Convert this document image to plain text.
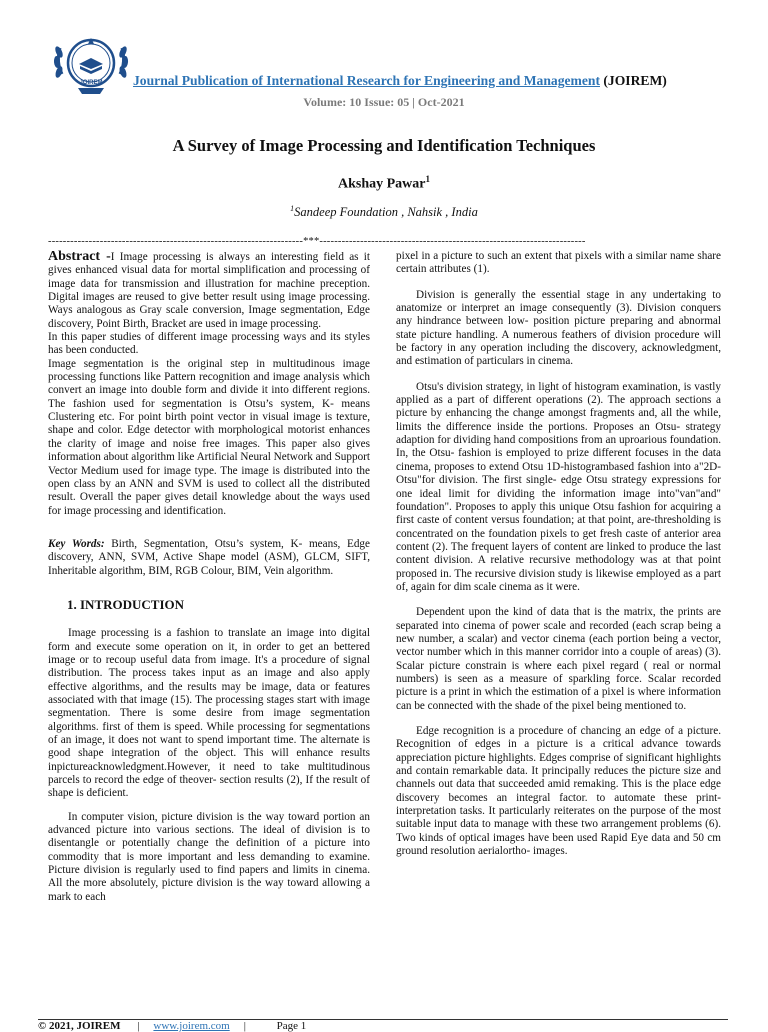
JOIREM Journal Publication of International Research for Engineering and Management (JOIREM)
Volume: 10 Issue: 05 | Oct-2021
A Survey of Image Processing and Identification Techniques
Akshay Pawar$^1$
$^1$Sandeep Foundation , Nahsik , India
---------------------------------------------------------------------***------------------------------------------------------------------------

Abstract -I Image processing is always an interesting field as it gives enhanced visual data for mortal simplification and processing of image data for transmission and illustration for machine preception. Digital images are reused to give better result using image processing. Ways analogous as Gray scale conversion, Image segmentation, Edge discovery, Point Birth, Bracket are used in image processing.

In this paper studies of different image processing ways and its styles has been conducted.

Image segmentation is the original step in multitudinous image processing functions like Pattern recognition and image analysis which convert an image into double form and divide it into different regions. The fashion used for segmentation is Otsu’s system, K- means Clustering etc. For point birth point vector in visual image is texture, shape and color. Edge detector with morphological motorist enhances the clarity of image and noise free images. This paper also gives information about algorithm like Artificial Neural Network and Support Vector Medium used for image type. The image is distributed into the open class by an ANN and SVM is used to collect all the distributed result. Overall the paper gives detail knowledge about the ways used for image processing and identification.

Key Words: Birth, Segmentation, Otsu’s system, K- means, Edge discovery, ANN, SVM, Active Shape model (ASM), GLCM, SIFT, Inheritable algorithm, BIM, RGB Colour, BIM, Vein algorithm.

1. INTRODUCTION

Image processing is a fashion to translate an image into digital form and execute some operation on it, in order to get an bettered image or to recoup useful data from image. It's a procedure of signal distribution. The process takes input as an image and also apply effective algorithms, and the results may be image, data or features associated with that image (15). The processing stages start with image segmentation. There is some desire from image segmentation algorithms. first of them is speed. While processing for segmentations of an image, it does not want to spend important time. The alternate is good shape integration of the object. This will enhance results inpictureacknowledgment.However, it need to take multitudinous parcels to record the edge of theover- section results (2), If the result of shape is deficient.

In computer vision, picture division is the way toward portion an advanced picture into various sections. The ideal of division is to disentangle or potentially change the definition of a picture into commodity that is more important and less demanding to examine. Picture division is regularly used to find papers and limits in cinema. All the more absolutely, picture division is the way toward allowing a mark to each

pixel in a picture to such an extent that pixels with a similar name share certain attributes (1).

Division is generally the essential stage in any undertaking to anatomize or interpret an image consequently (3). Division conquers any hindrance between low- position picture preparing and abnormal state picture handling. A numerous feathers of division procedure will be factory in any operation including the discovery, acknowledgment, and estimation of particulars in cinema.

Otsu's division strategy, in light of histogram examination, is vastly applied as a part of different operations (2). The approach sections a picture by enhancing the change amongst fragments and, all the while, limits the difference inside the portions. Proposes an Otsu- strategy adaption for dividing hand compositions from an uproarious foundation. In, the Otsu- fashion is employed to prize different focuses in the data cinema, proposes to extend Otsu 1D-histogrambased fashion into a"2D-Otsu"for division. The first single- edge Otsu strategy expressions for one ideal limit for dividing the information image into"van"and" foundation". Proposes to apply this unique Otsu fashion for acquiring a first caste of content versus foundation; at that point, are-thresholding is concentrated on the foundation pixels to get fresh caste of anterior area content (2). The frequent layers of content are linked to produce the last content division. A relative recursive methodology was at that point proposed in. The recursive division study is likewise employed as a part of, again for dim scale cinema as it were.

Dependent upon the kind of data that is the matrix, the prints are separated into cinema of power scale and recorded (each scrap being a new number, a scalar) and vector cinema (each portion being a vector, vector number which in this manner corridor into a couple of areas) (3). Scalar picture constrain is where each pixel regard ( real or normal numbers) is seen as a measure of sparkling force. Scalar recorded picture is a print in which the estimation of a pixel is where information can be connected with the shade of the pixel being mentioned to.

Edge recognition is a procedure of chancing an edge of a picture. Recognition of edges in a picture is a critical advance towards appreciation picture highlights. Edges comprise of significant highlights and contain remarkable data. It principally reduces the picture size and channels out data that succeeded amid remaking. This is the place edge discovery becomes an integral factor. to automate these print- interpretation tasks. It particularly reiterates on the purpose of the most suitable input data to manage with these two arrangement problems (6). Two kinds of optical images have been used Rapid Eye data and 50 cm ground resolution aerialortho- images.

© 2021, JOIREM | www.joirem.com |	Page 1
